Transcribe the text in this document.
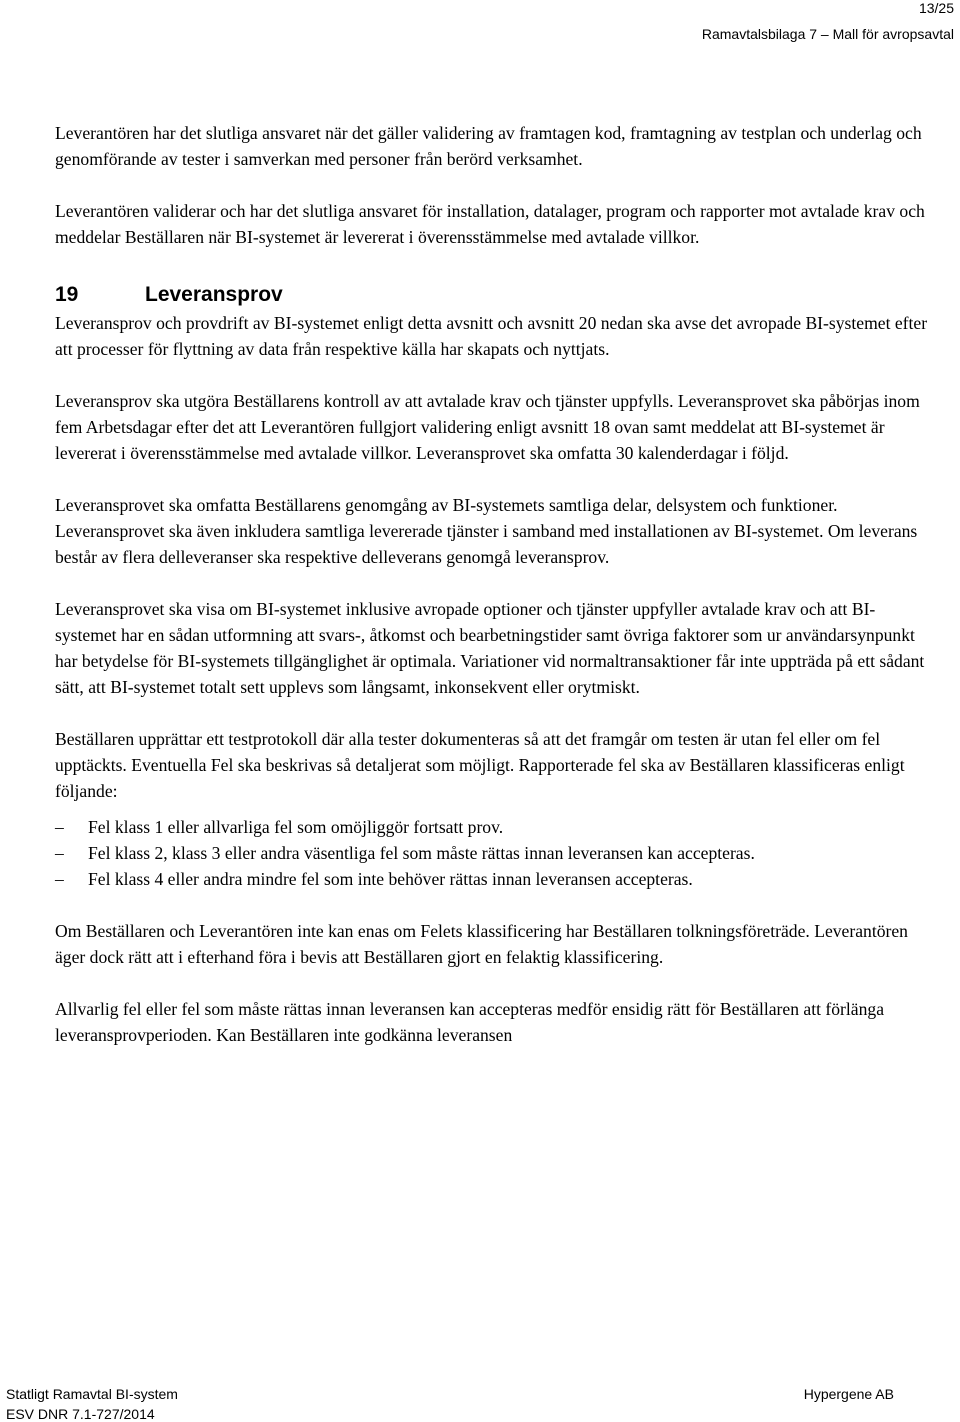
13/25
Ramavtalsbilaga 7 – Mall för avropsavtal

Leverantören har det slutliga ansvaret när det gäller validering av framtagen kod, framtagning av testplan och underlag och genomförande av tester i samverkan med personer från berörd verksamhet.

Leverantören validerar och har det slutliga ansvaret för installation, datalager, program och rapporter mot avtalade krav och meddelar Beställaren när BI-systemet är levererat i överensstämmelse med avtalade villkor.

19	Leveransprov

Leveransprov och provdrift av BI-systemet enligt detta avsnitt och avsnitt 20 nedan ska avse det avropade BI-systemet efter att processer för flyttning av data från respektive källa har skapats och nyttjats.

Leveransprov ska utgöra Beställarens kontroll av att avtalade krav och tjänster uppfylls. Leveransprovet ska påbörjas inom fem Arbetsdagar efter det att Leverantören fullgjort validering enligt avsnitt 18 ovan samt meddelat att BI-systemet är levererat i överensstämmelse med avtalade villkor. Leveransprovet ska omfatta 30 kalenderdagar i följd.

Leveransprovet ska omfatta Beställarens genomgång av BI-systemets samtliga delar, delsystem och funktioner. Leveransprovet ska även inkludera samtliga levererade tjänster i samband med installationen av BI-systemet. Om leverans består av flera delleveranser ska respektive delleverans genomgå leveransprov.

Leveransprovet ska visa om BI-systemet inklusive avropade optioner och tjänster uppfyller avtalade krav och att BI-systemet har en sådan utformning att svars-, åtkomst och bearbetningstider samt övriga faktorer som ur användarsynpunkt har betydelse för BI-systemets tillgänglighet är optimala. Variationer vid normaltransaktioner får inte uppträda på ett sådant sätt, att BI-systemet totalt sett upplevs som långsamt, inkonsekvent eller orytmiskt.

Beställaren upprättar ett testprotokoll där alla tester dokumenteras så att det framgår om testen är utan fel eller om fel upptäckts. Eventuella Fel ska beskrivas så detaljerat som möjligt. Rapporterade fel ska av Beställaren klassificeras enligt följande:

–	Fel klass 1 eller allvarliga fel som omöjliggör fortsatt prov.
–	Fel klass 2, klass 3 eller andra väsentliga fel som måste rättas innan leveransen kan accepteras.
–	Fel klass 4 eller andra mindre fel som inte behöver rättas innan leveransen accepteras.

Om Beställaren och Leverantören inte kan enas om Felets klassificering har Beställaren tolkningsföreträde. Leverantören äger dock rätt att i efterhand föra i bevis att Beställaren gjort en felaktig klassificering.

Allvarlig fel eller fel som måste rättas innan leveransen kan accepteras medför ensidig rätt för Beställaren att förlänga leveransprovperioden. Kan Beställaren inte godkänna leveransen

Statligt Ramavtal BI-system
ESV DNR 7.1-727/2014
Hypergene AB
